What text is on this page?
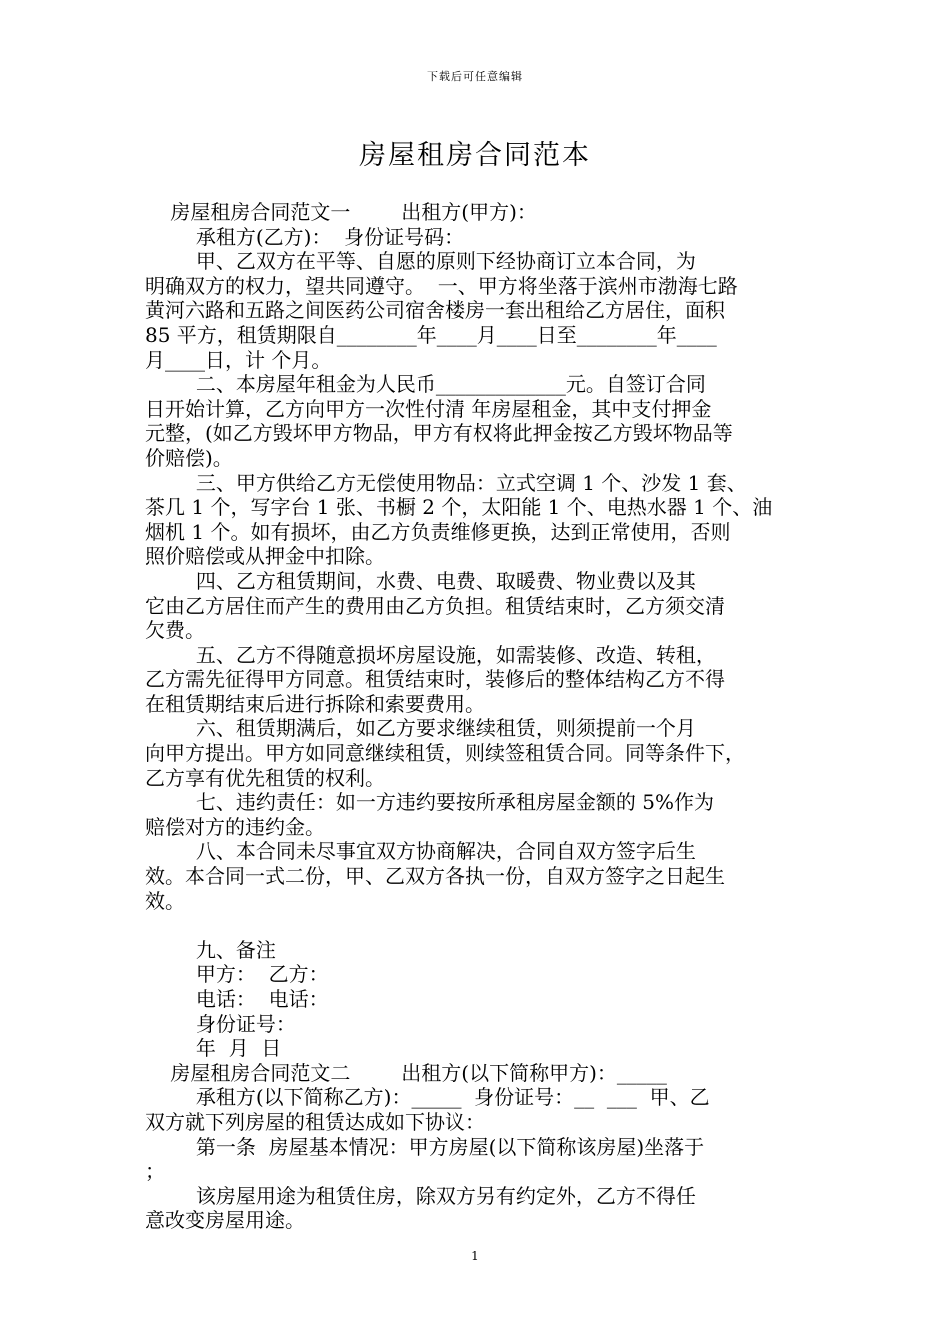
下载后可任意编辑
房屋租房合同范本
房屋租房合同范文一        出租方(甲方)：
承租方(乙方)：  身份证号码：
甲、乙双方在平等、自愿的原则下经协商订立本合同，为
明确双方的权力，望共同遵守。  一、甲方将坐落于滨州市渤海七路
黄河六路和五路之间医药公司宿舍楼房一套出租给乙方居住，面积
85 平方，租赁期限自________年____月____日至________年____
月____日，计 个月。
二、本房屋年租金为人民币_____________元。自签订合同
日开始计算，乙方向甲方一次性付清 年房屋租金，其中支付押金
元整，(如乙方毁坏甲方物品，甲方有权将此押金按乙方毁坏物品等
价赔偿)。
三、甲方供给乙方无偿使用物品：立式空调 1 个、沙发 1 套、
茶几 1 个，写字台 1 张、书橱 2 个，太阳能 1 个、电热水器 1 个、油
烟机 1 个。如有损坏，由乙方负责维修更换，达到正常使用，否则
照价赔偿或从押金中扣除。
四、乙方租赁期间，水费、电费、取暖费、物业费以及其
它由乙方居住而产生的费用由乙方负担。租赁结束时，乙方须交清
欠费。
五、乙方不得随意损坏房屋设施，如需装修、改造、转租，
乙方需先征得甲方同意。租赁结束时，装修后的整体结构乙方不得
在租赁期结束后进行拆除和索要费用。
六、租赁期满后，如乙方要求继续租赁，则须提前一个月
向甲方提出。甲方如同意继续租赁，则续签租赁合同。同等条件下，
乙方享有优先租赁的权利。
七、违约责任：如一方违约要按所承租房屋金额的 5%作为
赔偿对方的违约金。
八、本合同未尽事宜双方协商解决，合同自双方签字后生
效。本合同一式二份，甲、乙双方各执一份，自双方签字之日起生
效。
九、备注
甲方：  乙方：
电话：  电话：
身份证号：
年  月  日
房屋租房合同范文二        出租方(以下简称甲方)：_____
承租方(以下简称乙方)：_____  身份证号：__  ___  甲、乙
双方就下列房屋的租赁达成如下协议：
第一条  房屋基本情况：甲方房屋(以下简称该房屋)坐落于
；
该房屋用途为租赁住房，除双方另有约定外，乙方不得任
意改变房屋用途。
1
